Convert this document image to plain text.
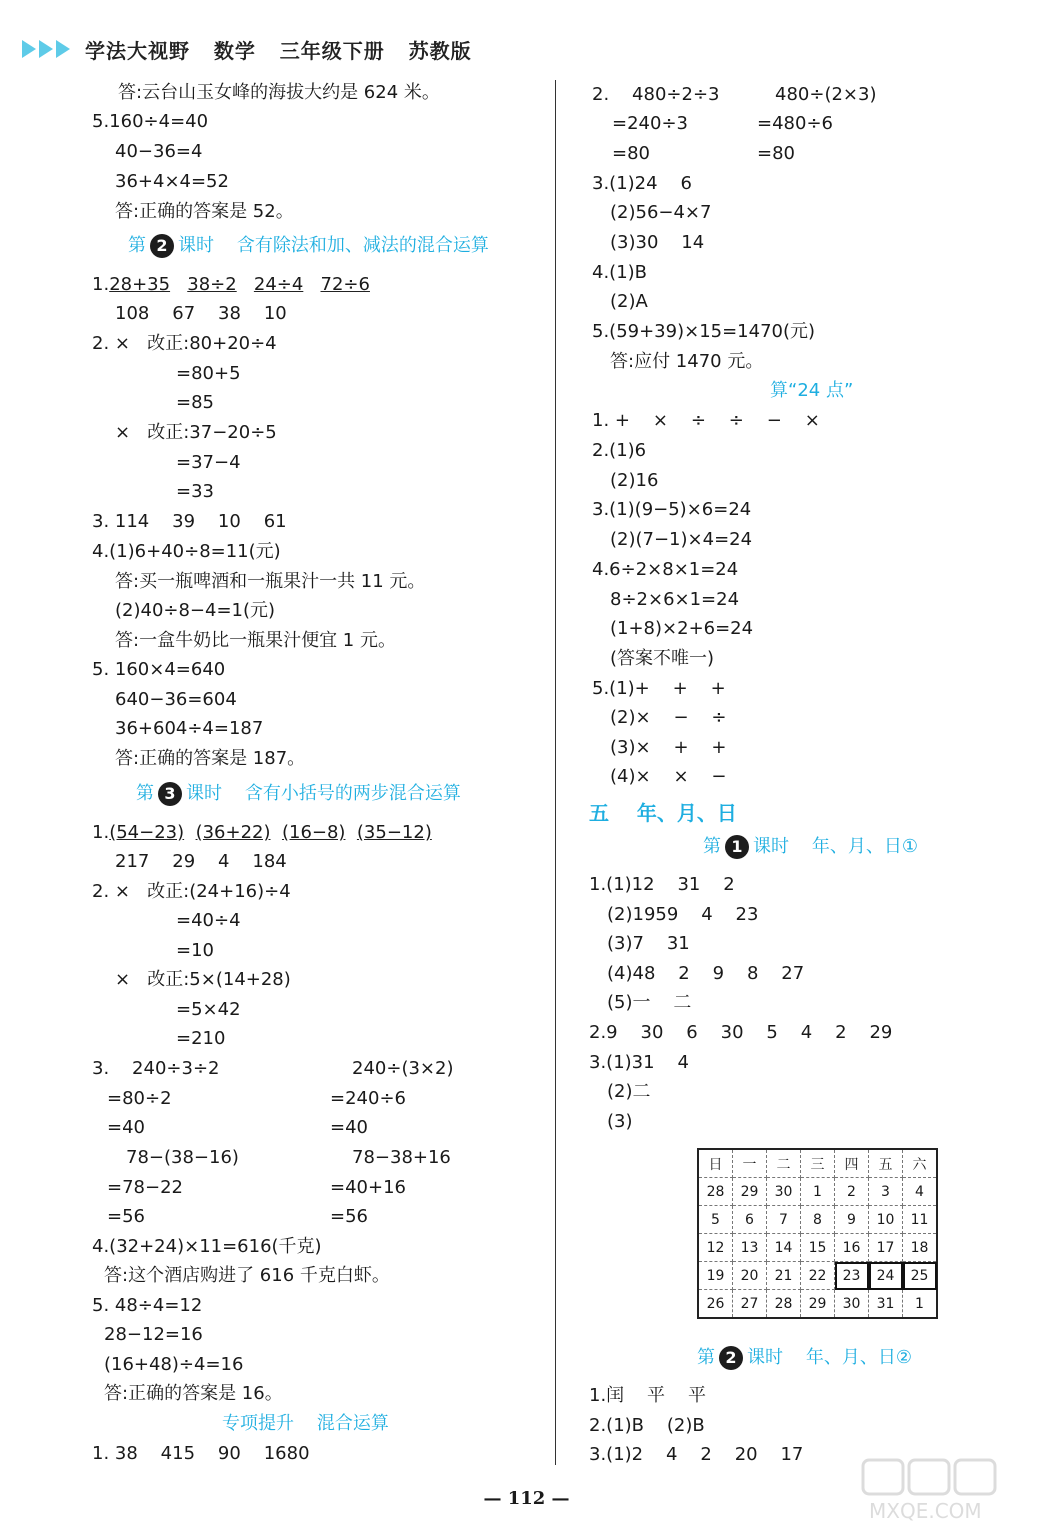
学法大视野   数学   三年级下册   苏教版
答:云台山玉女峰的海拔大约是 624 米。
5.160÷4=40
40−36=4
36+4×4=52
答:正确的答案是 52。
第 2 课时    含有除法和加、减法的混合运算
1.28+35 38÷2 24÷4 72÷6
108    67    38    10
2. ×   改正:80+20÷4
=80+5
=85
×   改正:37−20÷5
=37−4
=33
3. 114    39    10    61
4.(1)6+40÷8=11(元)
答:买一瓶啤酒和一瓶果汁一共 11 元。
(2)40÷8−4=1(元)
答:一盒牛奶比一瓶果汁便宜 1 元。
5. 160×4=640
640−36=604
36+604÷4=187
答:正确的答案是 187。
第 3 课时    含有小括号的两步混合运算
1.(54−23) (36+22) (16−8) (35−12)
217    29    4    184
2. ×   改正:(24+16)÷4
=40÷4
=10
×   改正:5×(14+28)
=5×42
=210
3.    240÷3÷2	240÷(3×2)
=80÷2	=240÷6
=40	=40
78−(38−16)	78−38+16
=78−22	=40+16
=56	=56
4.(32+24)×11=616(千克)
答:这个酒店购进了 616 千克白虾。
5. 48÷4=12
28−12=16
(16+48)÷4=16
答:正确的答案是 16。
专项提升    混合运算
1. 38    415    90    1680
2.    480÷2÷3	480÷(2×3)
=240÷3	=480÷6
=80	=80
3.(1)24    6
(2)56−4×7
(3)30    14
4.(1)B
(2)A
5.(59+39)×15=1470(元)
答:应付 1470 元。
算“24 点”
1. +    ×    ÷    ÷    −    ×
2.(1)6
(2)16
3.(1)(9−5)×6=24
(2)(7−1)×4=24
4.6÷2×8×1=24
8÷2×6×1=24
(1+8)×2+6=24
(答案不唯一)
5.(1)+    +    +
(2)×    −    ÷
(3)×    +    +
(4)×    ×    −
五    年、月、日
第 1 课时    年、月、日①
1.(1)12    31    2
(2)1959    4    23
(3)7    31
(4)48    2    9    8    27
(5)一    二
2.9    30    6    30    5    4    2    29
3.(1)31    4
(2)二
(3)
第 2 课时    年、月、日②
1.闰    平    平
2.(1)B    (2)B
3.(1)2    4    2    20    17
日	一	二	三	四	五	六
28	29	30	1	2	3	4
5	6	7	8	9	10	11
12	13	14	15	16	17	18
19	20	21	22	23	24	25
26	27	28	29	30	31	1
— 112 —
MXQE.COM
